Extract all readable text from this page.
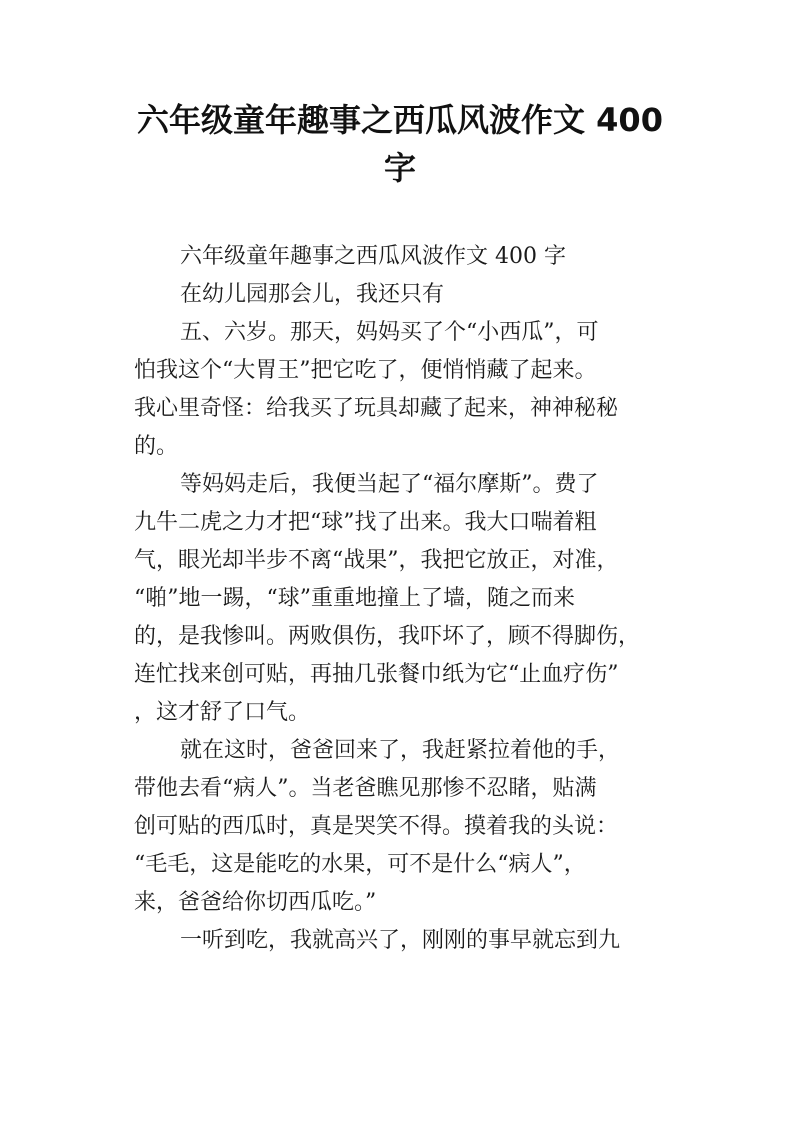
六年级童年趣事之西瓜风波作文 400
字
六年级童年趣事之西瓜风波作文 400 字
在幼儿园那会儿，我还只有
五、六岁。那天，妈妈买了个“小西瓜”，可
怕我这个“大胃王”把它吃了，便悄悄藏了起来。
我心里奇怪：给我买了玩具却藏了起来，神神秘秘
的。
等妈妈走后，我便当起了“福尔摩斯”。费了
九牛二虎之力才把“球”找了出来。我大口喘着粗
气，眼光却半步不离“战果”，我把它放正，对准，
“啪”地一踢，“球”重重地撞上了墙，随之而来
的，是我惨叫。两败俱伤，我吓坏了，顾不得脚伤，
连忙找来创可贴，再抽几张餐巾纸为它“止血疗伤”
，这才舒了口气。
就在这时，爸爸回来了，我赶紧拉着他的手，
带他去看“病人”。当老爸瞧见那惨不忍睹，贴满
创可贴的西瓜时，真是哭笑不得。摸着我的头说：
“毛毛，这是能吃的水果，可不是什么“病人”，
来，爸爸给你切西瓜吃。”
一听到吃，我就高兴了，刚刚的事早就忘到九
